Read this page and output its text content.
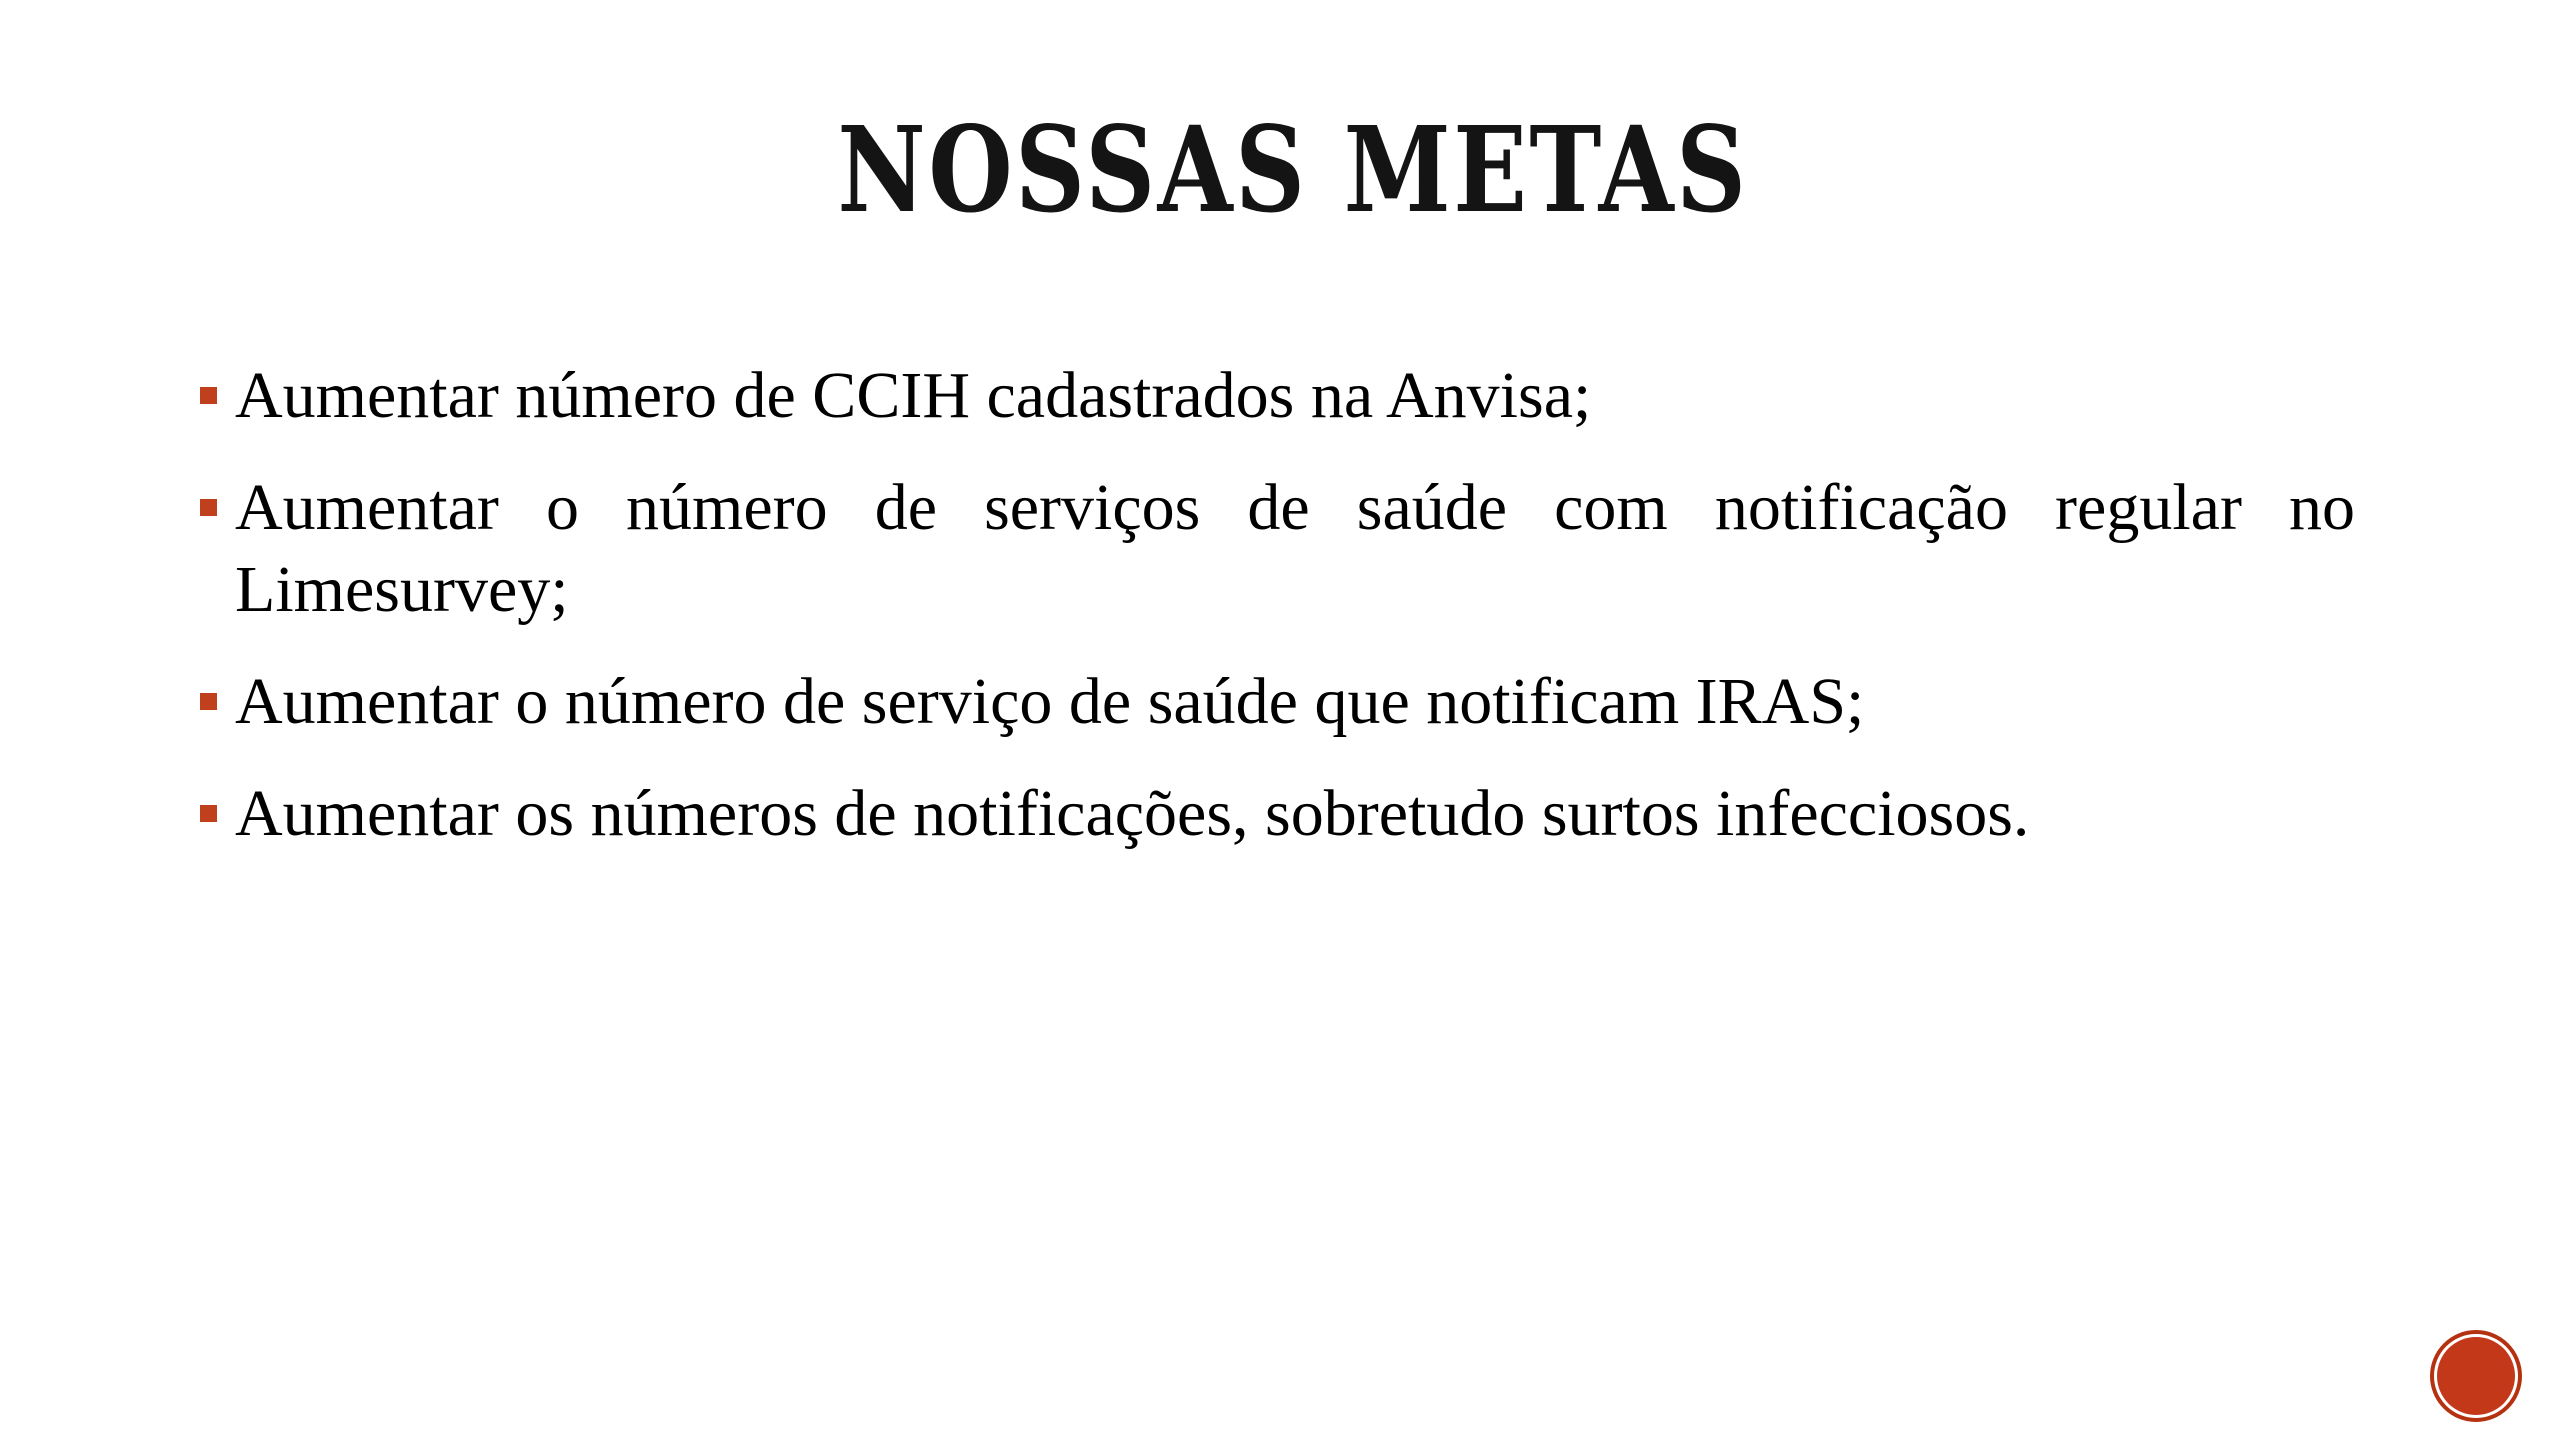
NOSSAS METAS
Aumentar número de CCIH cadastrados na Anvisa;
Aumentar o número de serviços de saúde com notificação regular no Limesurvey;
Aumentar o número de serviço de saúde que notificam IRAS;
Aumentar os números de notificações, sobretudo surtos infecciosos.
